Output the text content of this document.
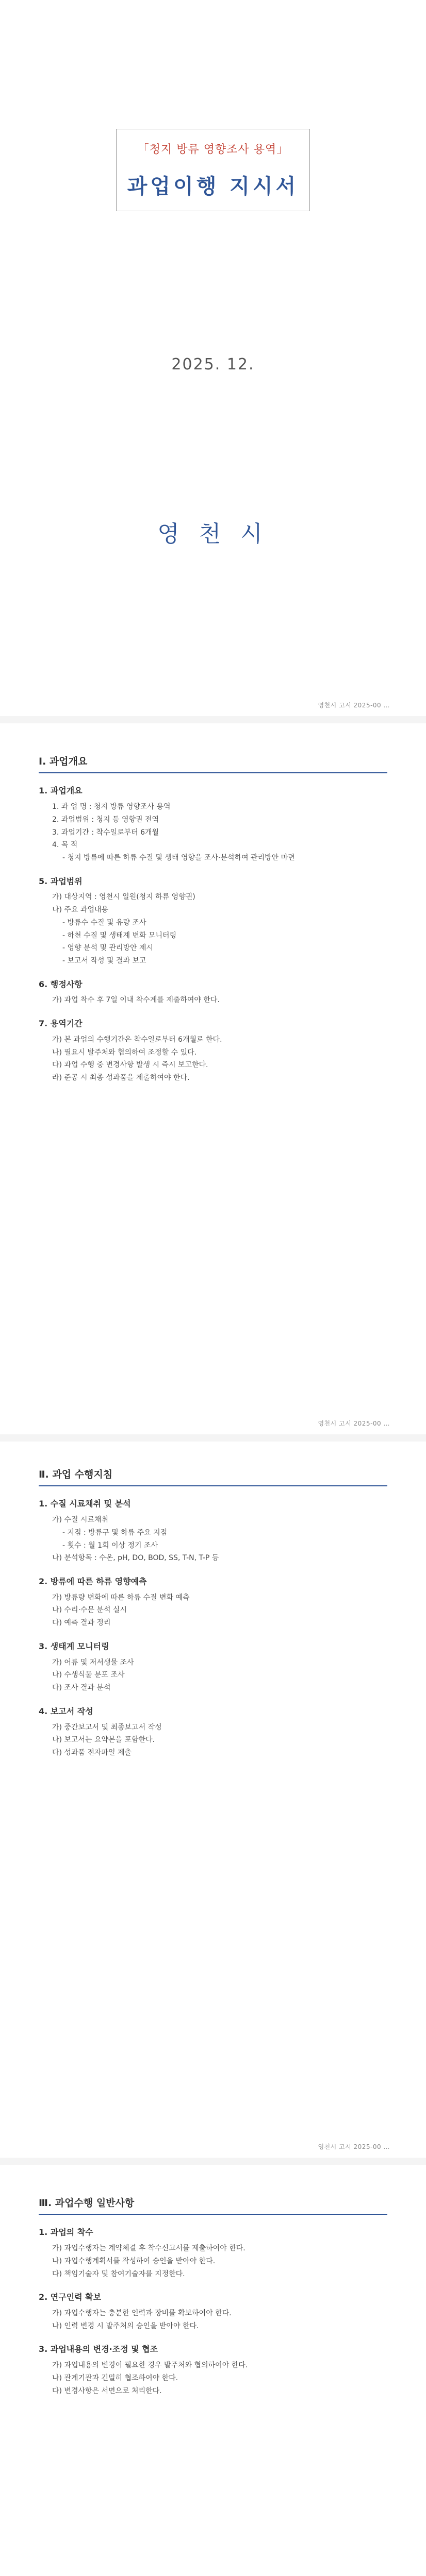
「청지 방류 영향조사 용역」
과업이행 지시서
2025. 12.
영 천 시
영천시 고시 2025-00 …
Ⅰ. 과업개요
1. 과업개요
1. 과 업 명 : 청지 방류 영향조사 용역
2. 과업범위 : 청지 등 영향권 전역
3. 과업기간 : 착수일로부터 6개월
4. 목 적
- 청지 방류에 따른 하류 수질 및 생태 영향을 조사·분석하여 관리방안 마련
5. 과업범위
가) 대상지역 : 영천시 일원(청지 하류 영향권)
나) 주요 과업내용
- 방류수 수질 및 유량 조사
- 하천 수질 및 생태계 변화 모니터링
- 영향 분석 및 관리방안 제시
- 보고서 작성 및 결과 보고
6. 행정사항
가) 과업 착수 후 7일 이내 착수계를 제출하여야 한다.
7. 용역기간
가) 본 과업의 수행기간은 착수일로부터 6개월로 한다.
나) 필요시 발주처와 협의하여 조정할 수 있다.
다) 과업 수행 중 변경사항 발생 시 즉시 보고한다.
라) 준공 시 최종 성과품을 제출하여야 한다.
영천시 고시 2025-00 …
Ⅱ. 과업 수행지침
1. 수질 시료채취 및 분석
가) 수질 시료채취
- 지점 : 방류구 및 하류 주요 지점
- 횟수 : 월 1회 이상 정기 조사
나) 분석항목 : 수온, pH, DO, BOD, SS, T-N, T-P 등
2. 방류에 따른 하류 영향예측
가) 방류량 변화에 따른 하류 수질 변화 예측
나) 수리·수문 분석 실시
다) 예측 결과 정리
3. 생태계 모니터링
가) 어류 및 저서생물 조사
나) 수생식물 분포 조사
다) 조사 결과 분석
4. 보고서 작성
가) 중간보고서 및 최종보고서 작성
나) 보고서는 요약본을 포함한다.
다) 성과품 전자파일 제출
영천시 고시 2025-00 …
Ⅲ. 과업수행 일반사항
1. 과업의 착수
가) 과업수행자는 계약체결 후 착수신고서를 제출하여야 한다.
나) 과업수행계획서를 작성하여 승인을 받아야 한다.
다) 책임기술자 및 참여기술자를 지정한다.
2. 연구인력 확보
가) 과업수행자는 충분한 인력과 장비를 확보하여야 한다.
나) 인력 변경 시 발주처의 승인을 받아야 한다.
3. 과업내용의 변경·조정 및 협조
가) 과업내용의 변경이 필요한 경우 발주처와 협의하여야 한다.
나) 관계기관과 긴밀히 협조하여야 한다.
다) 변경사항은 서면으로 처리한다.
